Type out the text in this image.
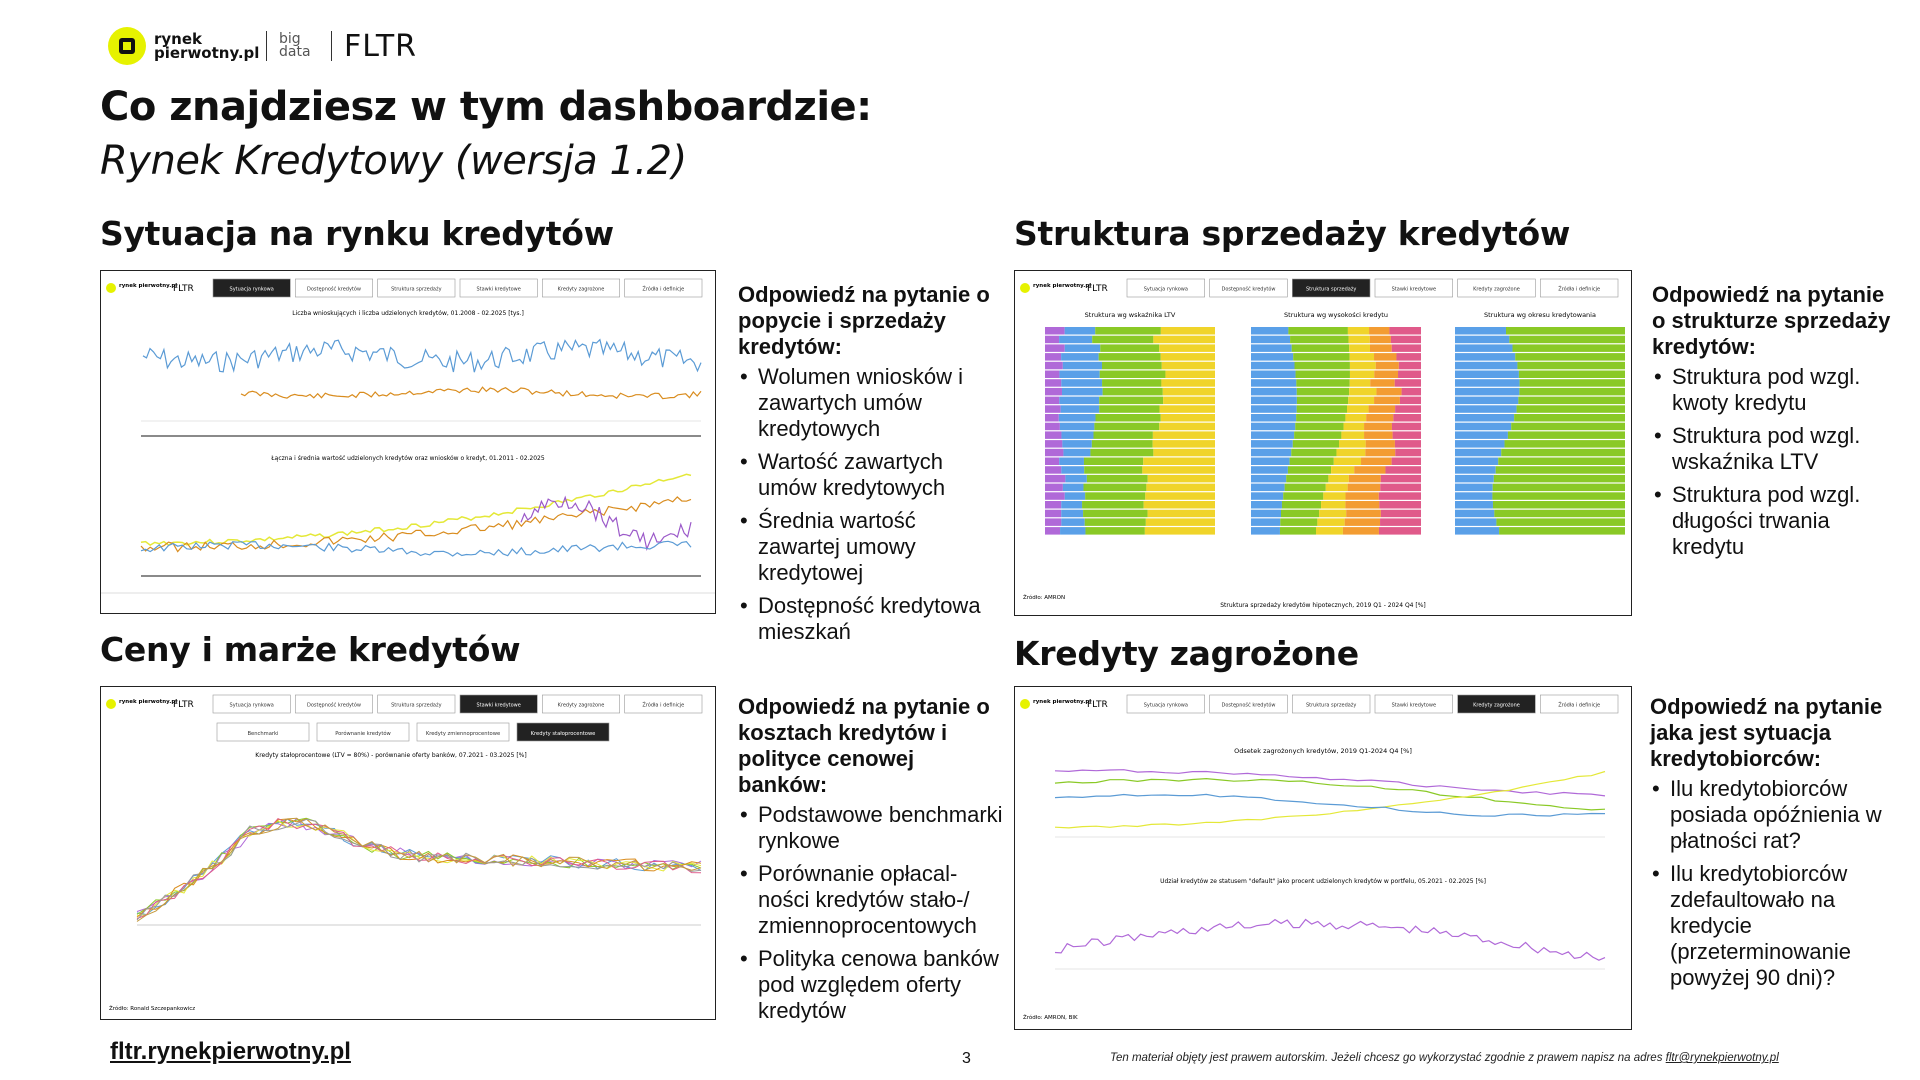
rynek pierwotny.pl
big data FLTR
Co znajdziesz w tym dashboardzie:
Rynek Kredytowy (wersja 1.2)
Sytuacja na rynku kredytów
rynek pierwotny.pl
FLTR	Sytuacja rynkowa	Dostępność kredytów	Struktura sprzedaży	Stawki kredytowe	Kredyty zagrożone	Źródła i definicje
Liczba wnioskujących i liczba udzielonych kredytów, 01.2008 - 02.2025 [tys.]
Łączna i średnia wartość udzielonych kredytów oraz wniosków o kredyt, 01.2011 - 02.2025
Odpowiedź na pytanie o popycie i sprzedaży kredytów:
• Wolumen wniosków i zawartych umów kredytowych
• Wartość zawartych umów kredytowych
• Średnia wartość zawartej umowy kredytowej
• Dostępność kredytowa mieszkań
Struktura sprzedaży kredytów
rynek pierwotny.pl
FLTR	Sytuacja rynkowa	Dostępność kredytów	Struktura sprzedaży	Stawki kredytowe	Kredyty zagrożone	Źródła i definicje
Struktura wg wskaźnika LTV	Struktura wg wysokości kredytu	Struktura wg okresu kredytowania
Struktura sprzedaży kredytów hipotecznych, 2019 Q1 - 2024 Q4 [%]
Źródło: AMRON
Odpowiedź na pytanie o strukturze sprzedaży kredytów:
• Struktura pod wzgl. kwoty kredytu
• Struktura pod wzgl. wskaźnika LTV
• Struktura pod wzgl. długości trwania kredytu
Ceny i marże kredytów
rynek pierwotny.pl
FLTR	Sytuacja rynkowa	Dostępność kredytów	Struktura sprzedaży	Stawki kredytowe	Kredyty zagrożone	Źródła i definicje
Benchmarki	Porównanie kredytów	Kredyty zmiennoprocentowe	Kredyty stałoprocentowe
Kredyty stałoprocentowe (LTV = 80%) - porównanie oferty banków, 07.2021 - 03.2025 [%]
Źródło: Ronald Szczepankowicz
Odpowiedź na pytanie o kosztach kredytów i polityce cenowej banków:
• Podstawowe benchmarki rynkowe
• Porównanie opłacal-ności kredytów stało-/ zmiennoprocentowych
• Polityka cenowa banków pod względem oferty kredytów
Kredyty zagrożone
rynek pierwotny.pl
FLTR	Sytuacja rynkowa	Dostępność kredytów	Struktura sprzedaży	Stawki kredytowe	Kredyty zagrożone	Źródła i definicje
Odsetek zagrożonych kredytów, 2019 Q1-2024 Q4 [%]
Udział kredytów ze statusem "default" jako procent udzielonych kredytów w portfelu, 05.2021 - 02.2025 [%]
Źródło: AMRON, BIK
Odpowiedź na pytanie jaka jest sytuacja kredytobiorców:
• Ilu kredytobiorców posiada opóźnienia w płatności rat?
• Ilu kredytobiorców zdefaultowało na kredycie (przeterminowanie powyżej 90 dni)?
fltr.rynekpierwotny.pl	3	Ten materiał objęty jest prawem autorskim. Jeżeli chcesz go wykorzystać zgodnie z prawem napisz na adres fltr@rynekpierwotny.pl
